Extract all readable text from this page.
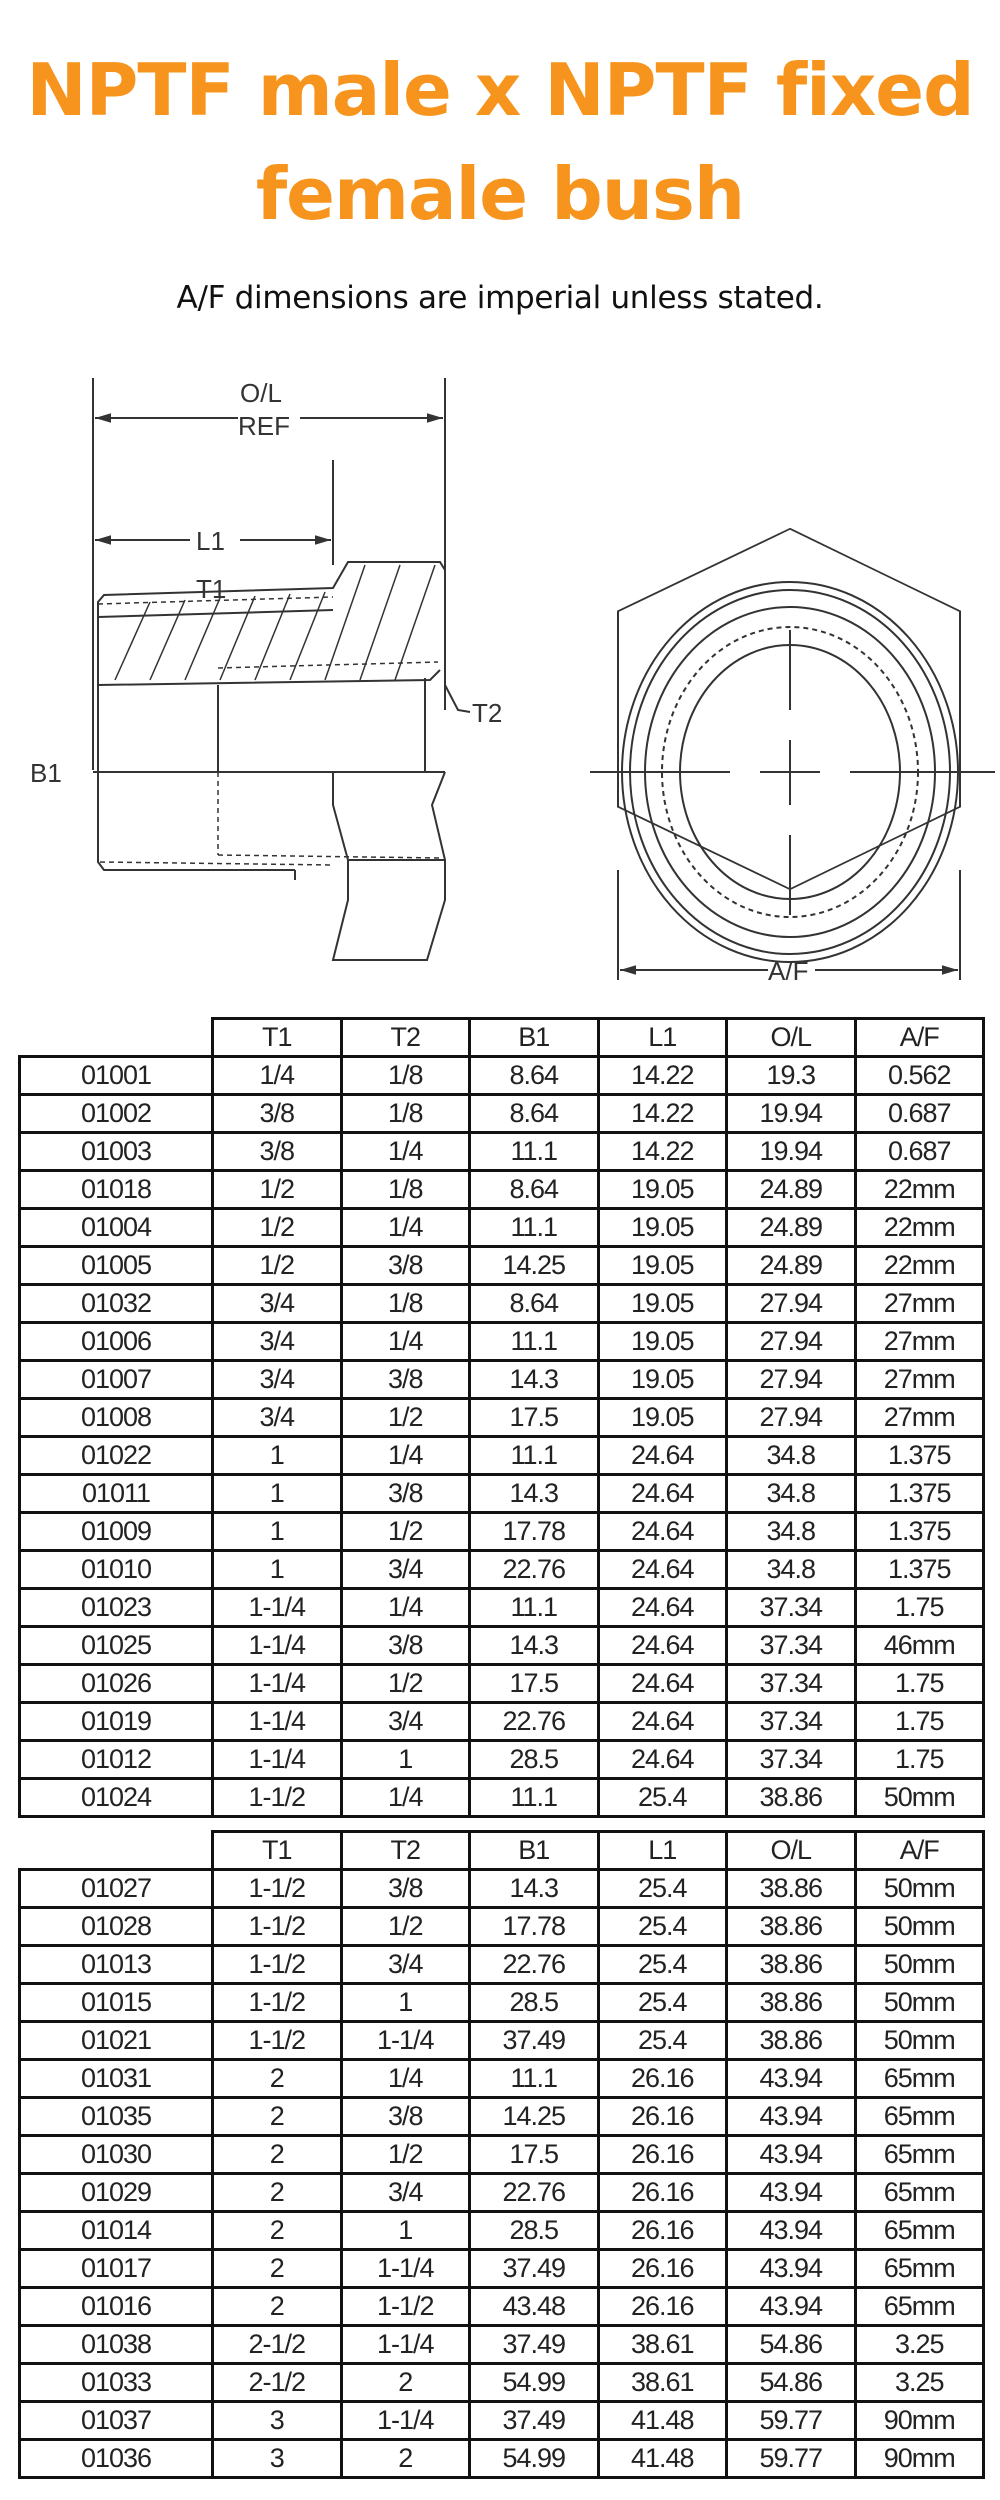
NPTF male x NPTF fixed
female bush
A/F dimensions are imperial unless stated.
O/L
REF
L1
T1
T2
B1
A/F
	T1	T2	B1	L1	O/L	A/F
01001	1/4	1/8	8.64	14.22	19.3	0.562
01002	3/8	1/8	8.64	14.22	19.94	0.687
01003	3/8	1/4	11.1	14.22	19.94	0.687
01018	1/2	1/8	8.64	19.05	24.89	22mm
01004	1/2	1/4	11.1	19.05	24.89	22mm
01005	1/2	3/8	14.25	19.05	24.89	22mm
01032	3/4	1/8	8.64	19.05	27.94	27mm
01006	3/4	1/4	11.1	19.05	27.94	27mm
01007	3/4	3/8	14.3	19.05	27.94	27mm
01008	3/4	1/2	17.5	19.05	27.94	27mm
01022	1	1/4	11.1	24.64	34.8	1.375
01011	1	3/8	14.3	24.64	34.8	1.375
01009	1	1/2	17.78	24.64	34.8	1.375
01010	1	3/4	22.76	24.64	34.8	1.375
01023	1-1/4	1/4	11.1	24.64	37.34	1.75
01025	1-1/4	3/8	14.3	24.64	37.34	46mm
01026	1-1/4	1/2	17.5	24.64	37.34	1.75
01019	1-1/4	3/4	22.76	24.64	37.34	1.75
01012	1-1/4	1	28.5	24.64	37.34	1.75
01024	1-1/2	1/4	11.1	25.4	38.86	50mm
	T1	T2	B1	L1	O/L	A/F
01027	1-1/2	3/8	14.3	25.4	38.86	50mm
01028	1-1/2	1/2	17.78	25.4	38.86	50mm
01013	1-1/2	3/4	22.76	25.4	38.86	50mm
01015	1-1/2	1	28.5	25.4	38.86	50mm
01021	1-1/2	1-1/4	37.49	25.4	38.86	50mm
01031	2	1/4	11.1	26.16	43.94	65mm
01035	2	3/8	14.25	26.16	43.94	65mm
01030	2	1/2	17.5	26.16	43.94	65mm
01029	2	3/4	22.76	26.16	43.94	65mm
01014	2	1	28.5	26.16	43.94	65mm
01017	2	1-1/4	37.49	26.16	43.94	65mm
01016	2	1-1/2	43.48	26.16	43.94	65mm
01038	2-1/2	1-1/4	37.49	38.61	54.86	3.25
01033	2-1/2	2	54.99	38.61	54.86	3.25
01037	3	1-1/4	37.49	41.48	59.77	90mm
01036	3	2	54.99	41.48	59.77	90mm
